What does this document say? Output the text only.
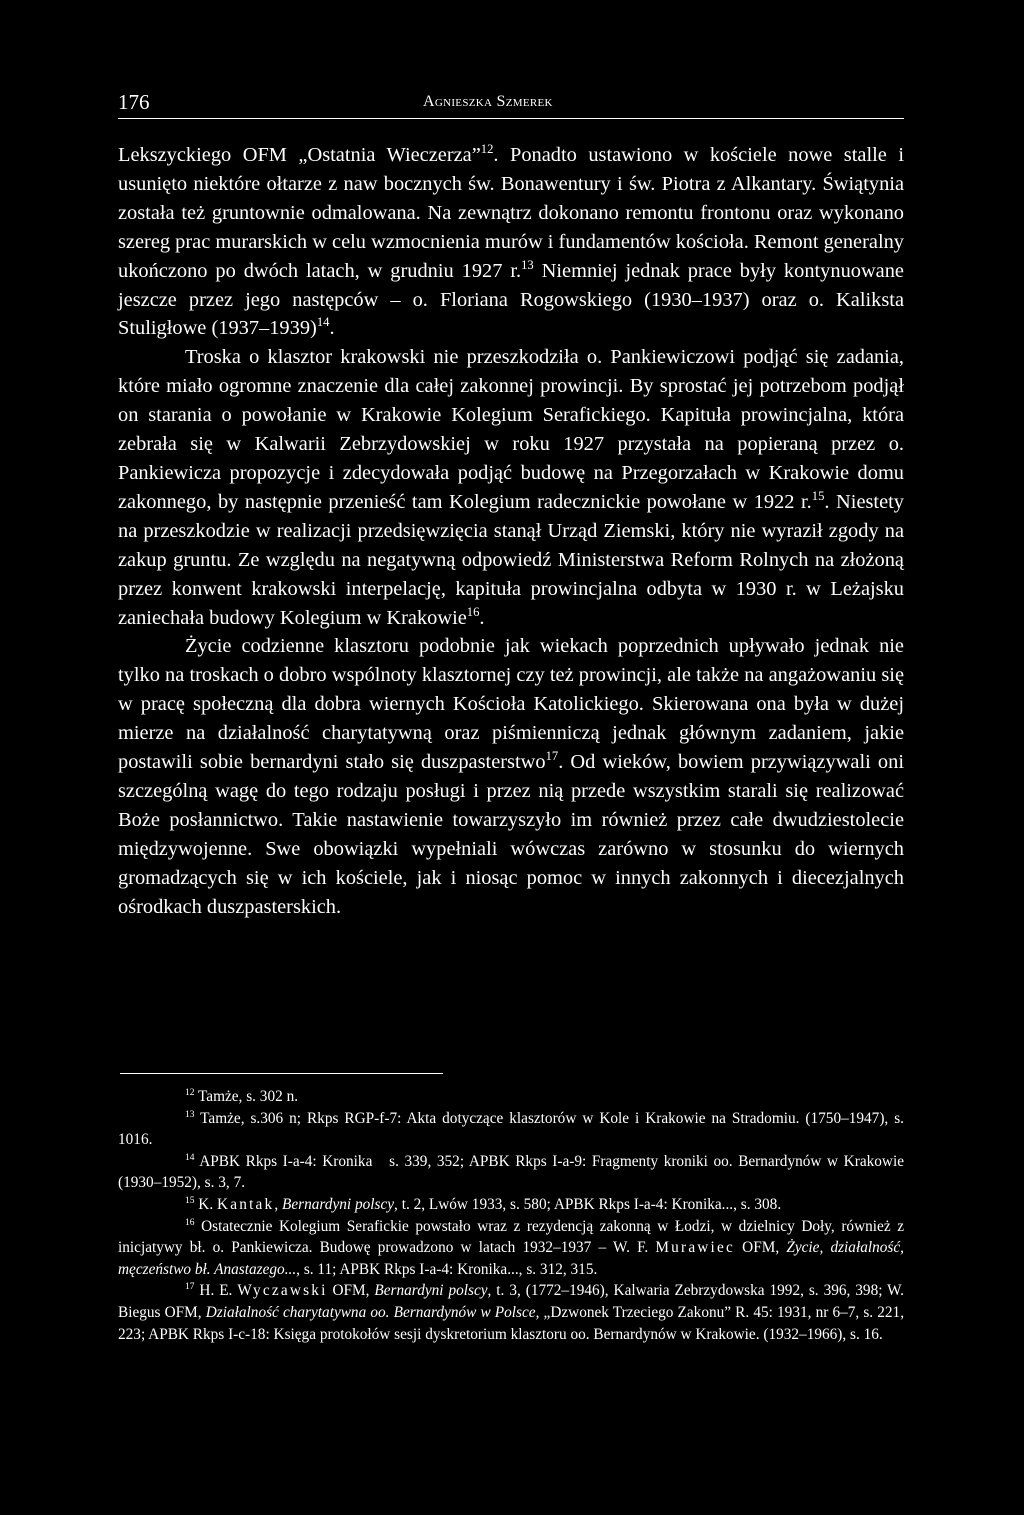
176	Agnieszka Szmerek

Lekszyckiego OFM „Ostatnia Wieczerza”$^{12}$. Ponadto ustawiono w kościele nowe stalle i usunięto niektóre ołtarze z naw bocznych św. Bonawentury i św. Piotra z Alkantary. Świątynia została też gruntownie odmalowana. Na zewnątrz dokonano remontu frontonu oraz wykonano szereg prac murarskich w celu wzmocnienia murów i fundamentów kościoła. Remont generalny ukończono po dwóch latach, w grudniu 1927 r.$^{13}$ Niemniej jednak prace były kontynuowane jeszcze przez jego następców – o. Floriana Rogowskiego (1930–1937) oraz o. Kaliksta Stuligłowe (1937–1939)$^{14}$.

Troska o klasztor krakowski nie przeszkodziła o. Pankiewiczowi podjąć się zadania, które miało ogromne znaczenie dla całej zakonnej prowincji. By sprostać jej potrzebom podjął on starania o powołanie w Krakowie Kolegium Serafickiego. Kapituła prowincjalna, która zebrała się w Kalwarii Zebrzydowskiej w roku 1927 przystała na popieraną przez o. Pankiewicza propozycje i zdecydowała podjąć budowę na Przegorzałach w Krakowie domu zakonnego, by następnie przenieść tam Kolegium radecznickie powołane w 1922 r.$^{15}$. Niestety na przeszkodzie w realizacji przedsięwzięcia stanął Urząd Ziemski, który nie wyraził zgody na zakup gruntu. Ze względu na negatywną odpowiedź Ministerstwa Reform Rolnych na złożoną przez konwent krakowski interpelację, kapituła prowincjalna odbyta w 1930 r. w Leżajsku zaniechała budowy Kolegium w Krakowie$^{16}$.

Życie codzienne klasztoru podobnie jak wiekach poprzednich upływało jednak nie tylko na troskach o dobro wspólnoty klasztornej czy też prowincji, ale także na angażowaniu się w pracę społeczną dla dobra wiernych Kościoła Katolickiego. Skierowana ona była w dużej mierze na działalność charytatywną oraz piśmienniczą jednak głównym zadaniem, jakie postawili sobie bernardyni stało się duszpasterstwo$^{17}$. Od wieków, bowiem przywiązywali oni szczególną wagę do tego rodzaju posługi i przez nią przede wszystkim starali się realizować Boże posłannictwo. Takie nastawienie towarzyszyło im również przez całe dwudziestolecie międzywojenne. Swe obowiązki wypełniali wówczas zarówno w stosunku do wiernych gromadzących się w ich kościele, jak i niosąc pomoc w innych zakonnych i diecezjalnych ośrodkach duszpasterskich.

$^{12}$ Tamże, s. 302 n.

$^{13}$ Tamże, s.306 n; Rkps RGP-f-7: Akta dotyczące klasztorów w Kole i Krakowie na Stradomiu. (1750–1947), s. 1016.

$^{14}$ APBK Rkps I-a-4: Kronika   s. 339, 352; APBK Rkps I-a-9: Fragmenty kroniki oo. Bernardynów w Krakowie (1930–1952), s. 3, 7.

$^{15}$ K. Kantak, Bernardyni polscy, t. 2, Lwów 1933, s. 580; APBK Rkps I-a-4: Kronika..., s. 308.

$^{16}$ Ostatecznie Kolegium Serafickie powstało wraz z rezydencją zakonną w Łodzi, w dzielnicy Doły, również z inicjatywy bł. o. Pankiewicza. Budowę prowadzono w latach 1932–1937 – W. F. Murawiec OFM, Życie, działalność, męczeństwo bł. Anastazego..., s. 11; APBK Rkps I-a-4: Kronika..., s. 312, 315.

$^{17}$ H. E. Wyczawski OFM, Bernardyni polscy, t. 3, (1772–1946), Kalwaria Zebrzydowska 1992, s. 396, 398; W. Biegus OFM, Działalność charytatywna oo. Bernardynów w Polsce, „Dzwonek Trzeciego Zakonu” R. 45: 1931, nr 6–7, s. 221, 223; APBK Rkps I-c-18: Księga protokołów sesji dyskretorium klasztoru oo. Bernardynów w Krakowie. (1932–1966), s. 16.
